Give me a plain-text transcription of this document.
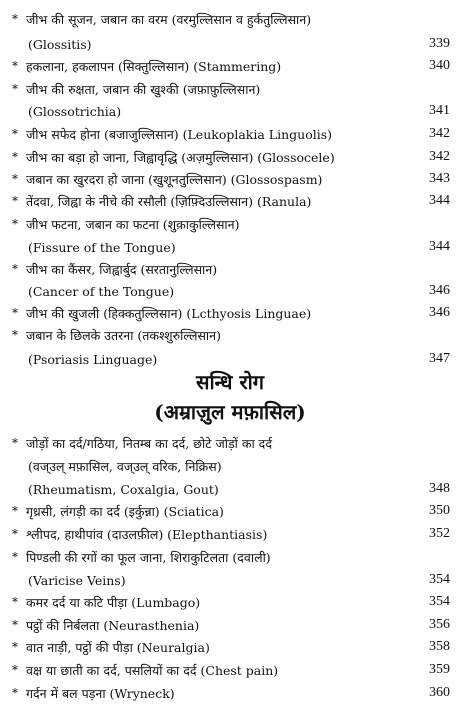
* जीभ की सूजन, जबान का वरम (वरमुल्लिसान व हुर्कतुल्लिसान)
(Glossitis)	339
* हकलाना, हकलापन (सिक्तुल्लिसान) (Stammering)	340
* जीभ की रुक्षता, जबान की खुश्की (जफ़ाफ़ुल्लिसान)
(Glossotrichia)	341
* जीभ सफेद होना (बजाजुल्लिसान) (Leukoplakia Linguolis)	342
* जीभ का बड़ा हो जाना, जिह्वावृद्धि (अज़मुल्लिसान) (Glossocele)	342
* जबान का खुरदरा हो जाना (खुशूनतुल्लिसान) (Glossospasm)	343
* तेंदवा, जिह्वा के नीचे की रसौली (ज़िफ़्दिउल्लिसान) (Ranula)	344
* जीभ फटना, जबान का फटना (शुक़ाकुल्लिसान)
(Fissure of the Tongue)	344
* जीभ का कैंसर, जिह्वार्बुद (सरतानुल्लिसान)
(Cancer of the Tongue)	346
* जीभ की खुजली (हिक्कतुल्लिसान) (Lcthyosis Linguae)	346
* जबान के छिलके उतरना (तकश्शुरुल्लिसान)
(Psoriasis Linguage)	347
सन्धि रोग
(अम्राज़ुल मफ़ासिल)
* जोड़ों का दर्द/गठिया, नितम्ब का दर्द, छोटे जोड़ों का दर्द
(वज्उल् मफ़ासिल, वज्उल् वरिक, निक्रिस)
(Rheumatism, Coxalgia, Gout)	348
* गृध्रसी, लंगड़ी का दर्द (इर्कुन्ना) (Sciatica)	350
* श्लीपद, हाथीपांव (दाउलफ़ील) (Elepthantiasis)	352
* पिण्डली की रगों का फूल जाना, शिराकुटिलता (दवाली)
(Varicise Veins)	354
* कमर दर्द या कटि पीड़ा (Lumbago)	354
* पट्ठों की निर्बलता (Neurasthenia)	356
* वात नाड़ी, पट्ठों की पीड़ा (Neuralgia)	358
* वक्ष या छाती का दर्द, पसलियों का दर्द (Chest pain)	359
* गर्दन में बल पड़ना (Wryneck)	360
